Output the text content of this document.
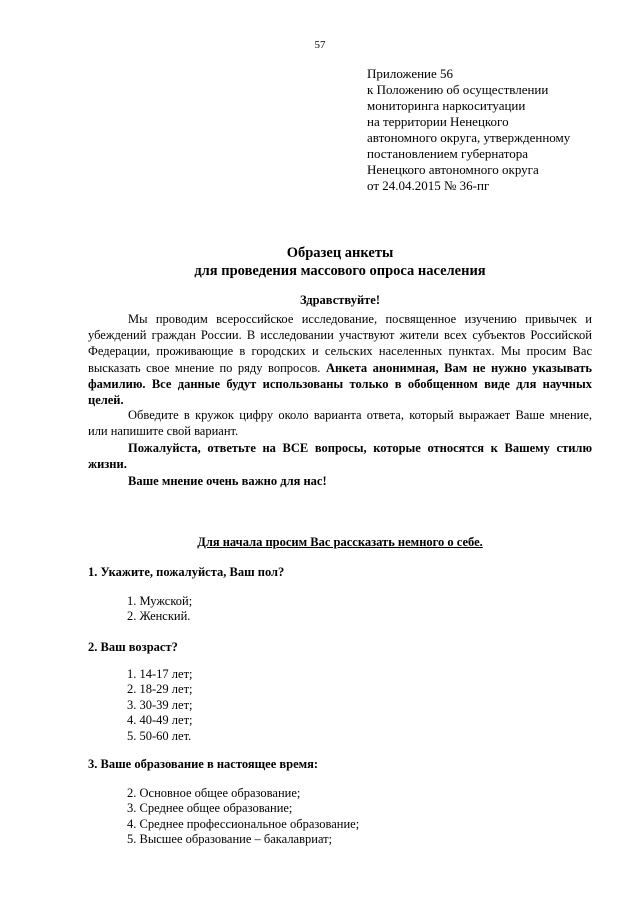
57
Приложение 56
к Положению об осуществлении
мониторинга наркоситуации
на территории Ненецкого
автономного округа, утвержденному
постановлением губернатора
Ненецкого автономного округа
от 24.04.2015 № 36-пг
Образец анкеты
для проведения массового опроса населения
Здравствуйте!
Мы проводим всероссийское исследование, посвященное изучению привычек и убеждений граждан России. В исследовании участвуют жители всех субъектов Российской Федерации, проживающие в городских и сельских населенных пунктах. Мы просим Вас высказать свое мнение по ряду вопросов. Анкета анонимная, Вам не нужно указывать фамилию. Все данные будут использованы только в обобщенном виде для научных целей.
Обведите в кружок цифру около варианта ответа, который выражает Ваше мнение, или напишите свой вариант.
Пожалуйста, ответьте на ВСЕ вопросы, которые относятся к Вашему стилю жизни.
Ваше мнение очень важно для нас!
Для начала просим Вас рассказать немного о себе.
1. Укажите, пожалуйста, Ваш пол?
1. Мужской;
2. Женский.
2. Ваш возраст?
1. 14-17 лет;
2. 18-29 лет;
3. 30-39 лет;
4. 40-49 лет;
5. 50-60 лет.
3. Ваше образование в настоящее время:
2. Основное общее образование;
3. Среднее общее образование;
4. Среднее профессиональное образование;
5. Высшее образование – бакалавриат;
